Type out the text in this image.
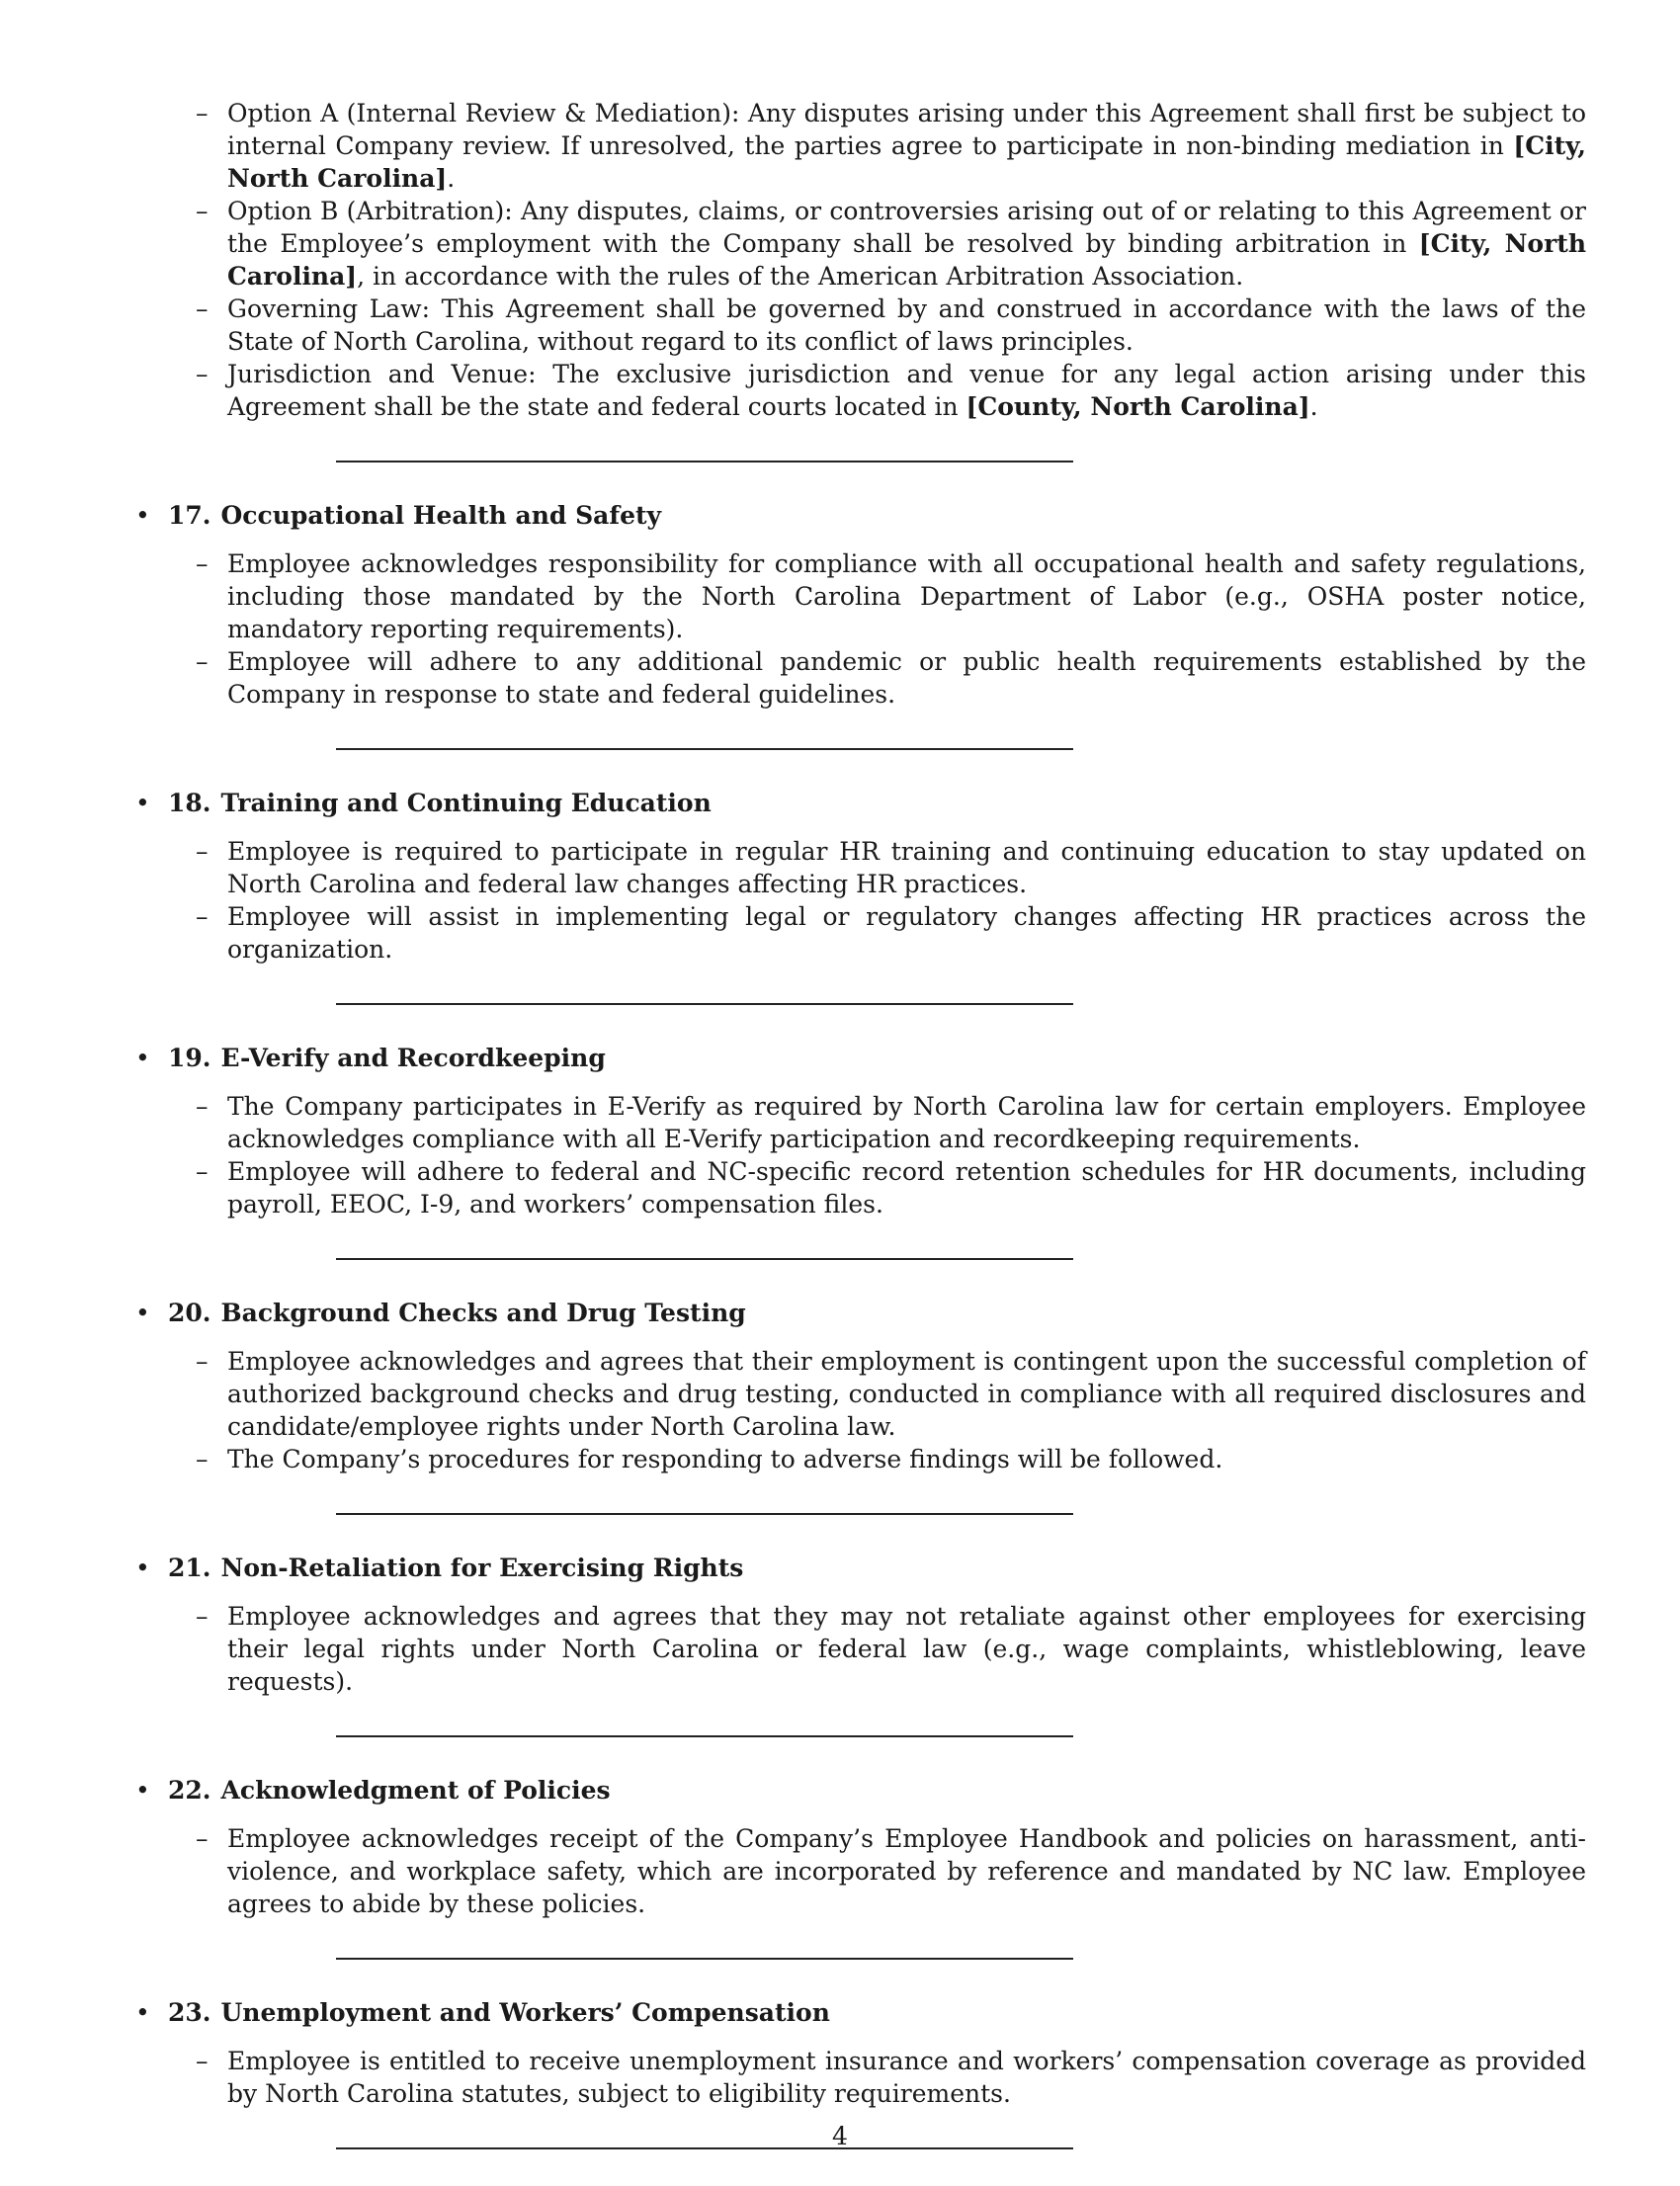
– Option A (Internal Review & Mediation): Any disputes arising under this Agreement shall first be subject to internal Company review. If unresolved, the parties agree to participate in non-binding mediation in [City, North Carolina].
– Option B (Arbitration): Any disputes, claims, or controversies arising out of or relating to this Agreement or the Employee’s employment with the Company shall be resolved by binding arbitration in [City, North Carolina], in accordance with the rules of the American Arbitration Association.
– Governing Law: This Agreement shall be governed by and construed in accordance with the laws of the State of North Carolina, without regard to its conflict of laws principles.
– Jurisdiction and Venue: The exclusive jurisdiction and venue for any legal action arising under this Agreement shall be the state and federal courts located in [County, North Carolina].
• 17. Occupational Health and Safety
– Employee acknowledges responsibility for compliance with all occupational health and safety regulations, including those mandated by the North Carolina Department of Labor (e.g., OSHA poster notice, mandatory reporting requirements).
– Employee will adhere to any additional pandemic or public health requirements established by the Company in response to state and federal guidelines.
• 18. Training and Continuing Education
– Employee is required to participate in regular HR training and continuing education to stay updated on North Carolina and federal law changes affecting HR practices.
– Employee will assist in implementing legal or regulatory changes affecting HR practices across the organization.
• 19. E-Verify and Recordkeeping
– The Company participates in E-Verify as required by North Carolina law for certain employers. Employee acknowledges compliance with all E-Verify participation and recordkeeping requirements.
– Employee will adhere to federal and NC-specific record retention schedules for HR documents, including payroll, EEOC, I-9, and workers’ compensation files.
• 20. Background Checks and Drug Testing
– Employee acknowledges and agrees that their employment is contingent upon the successful completion of authorized background checks and drug testing, conducted in compliance with all required disclosures and candidate/employee rights under North Carolina law.
– The Company’s procedures for responding to adverse findings will be followed.
• 21. Non-Retaliation for Exercising Rights
– Employee acknowledges and agrees that they may not retaliate against other employees for exercising their legal rights under North Carolina or federal law (e.g., wage complaints, whistleblowing, leave requests).
• 22. Acknowledgment of Policies
– Employee acknowledges receipt of the Company’s Employee Handbook and policies on harassment, anti-violence, and workplace safety, which are incorporated by reference and mandated by NC law. Employee agrees to abide by these policies.
• 23. Unemployment and Workers’ Compensation
– Employee is entitled to receive unemployment insurance and workers’ compensation coverage as provided by North Carolina statutes, subject to eligibility requirements.
4
